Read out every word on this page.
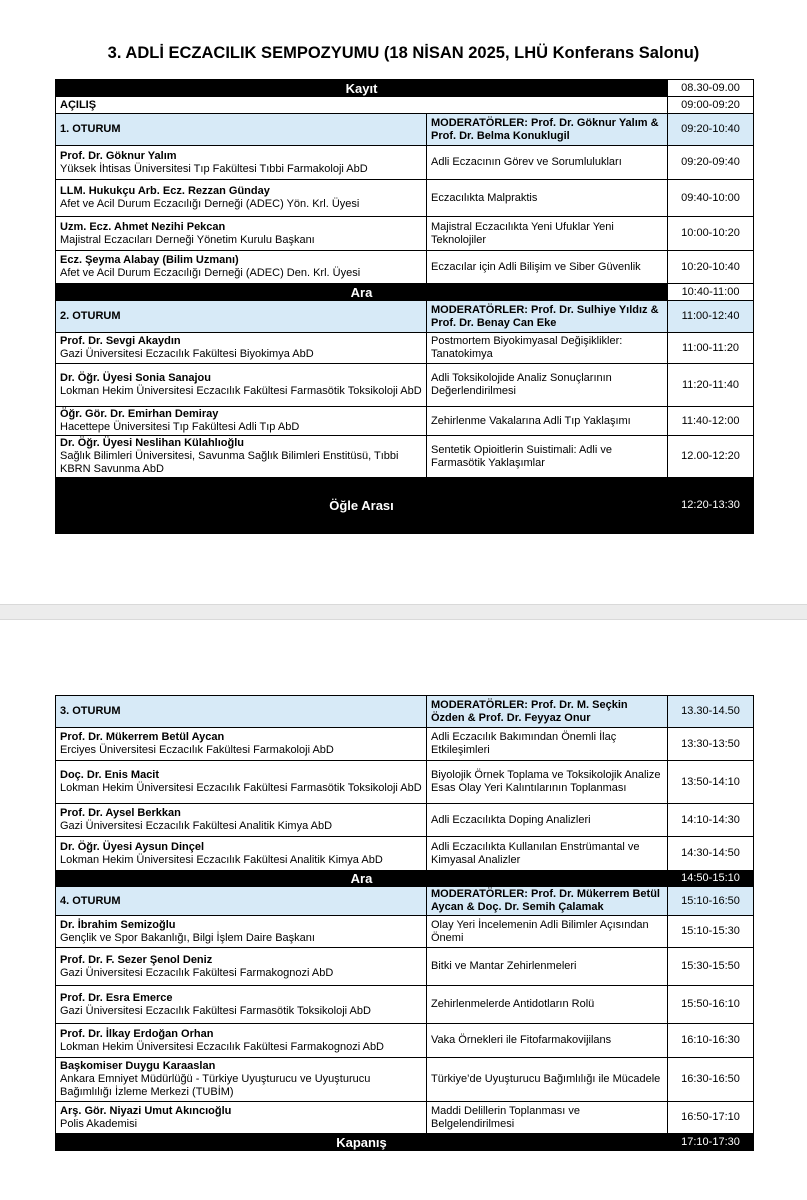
3. ADLİ ECZACILIK SEMPOZYUMU (18 NİSAN 2025, LHÜ Konferans Salonu)
Kayıt		08.30-09.00
AÇILIŞ		09:00-09:20
1. OTURUM	MODERATÖRLER: Prof. Dr. Göknur Yalım & Prof. Dr. Belma Konuklugil	09:20-10:40

Prof. Dr. Göknur Yalım
Yüksek İhtisas Üniversitesi Tıp Fakültesi Tıbbi Farmakoloji AbD	Adli Eczacının Görev ve Sorumlulukları	09:20-09:40

LLM. Hukukçu Arb. Ecz. Rezzan Günday
Afet ve Acil Durum Eczacılığı Derneği (ADEC) Yön. Krl. Üyesi	Eczacılıkta Malpraktis	09:40-10:00

Uzm. Ecz. Ahmet Nezihi Pekcan
Majistral Eczacıları Derneği Yönetim Kurulu Başkanı	Majistral Eczacılıkta Yeni Ufuklar Yeni Teknolojiler	10:00-10:20

Ecz. Şeyma Alabay (Bilim Uzmanı)
Afet ve Acil Durum Eczacılığı Derneği (ADEC) Den. Krl. Üyesi	Eczacılar için Adli Bilişim ve Siber Güvenlik	10:20-10:40
Ara		10:40-11:00
2. OTURUM	MODERATÖRLER: Prof. Dr. Sulhiye Yıldız & Prof. Dr. Benay Can Eke	11:00-12:40

Prof. Dr. Sevgi Akaydın
Gazi Üniversitesi Eczacılık Fakültesi Biyokimya AbD	Postmortem Biyokimyasal Değişiklikler: Tanatokimya	11:00-11:20

Dr. Öğr. Üyesi Sonia Sanajou
Lokman Hekim Üniversitesi Eczacılık Fakültesi Farmasötik Toksikoloji AbD	Adli Toksikolojide Analiz Sonuçlarının Değerlendirilmesi	11:20-11:40

Öğr. Gör. Dr. Emirhan Demiray
Hacettepe Üniversitesi Tıp Fakültesi Adli Tıp AbD	Zehirlenme Vakalarına Adli Tıp Yaklaşımı	11:40-12:00

Dr. Öğr. Üyesi Neslihan Külahlıoğlu
Sağlık Bilimleri Üniversitesi, Savunma Sağlık Bilimleri Enstitüsü, Tıbbi KBRN Savunma AbD	Sentetik Opioitlerin Suistimali: Adli ve Farmasötik Yaklaşımlar	12.00-12:20
Öğle Arası		12:20-13:30
3. OTURUM	MODERATÖRLER: Prof. Dr. M. Seçkin Özden & Prof. Dr. Feyyaz Onur	13.30-14.50

Prof. Dr. Mükerrem Betül Aycan
Erciyes Üniversitesi Eczacılık Fakültesi Farmakoloji AbD	Adli Eczacılık Bakımından Önemli İlaç Etkileşimleri	13:30-13:50

Doç. Dr. Enis Macit
Lokman Hekim Üniversitesi Eczacılık Fakültesi Farmasötik Toksikoloji AbD	Biyolojik Örnek Toplama ve Toksikolojik Analize Esas Olay Yeri Kalıntılarının Toplanması	13:50-14:10

Prof. Dr. Aysel Berkkan
Gazi Üniversitesi Eczacılık Fakültesi Analitik Kimya AbD	Adli Eczacılıkta Doping Analizleri	14:10-14:30

Dr. Öğr. Üyesi Aysun Dinçel
Lokman Hekim Üniversitesi Eczacılık Fakültesi Analitik Kimya AbD	Adli Eczacılıkta Kullanılan Enstrümantal ve Kimyasal Analizler	14:30-14:50
Ara		14:50-15:10
4. OTURUM	MODERATÖRLER: Prof. Dr. Mükerrem Betül Aycan & Doç. Dr. Semih Çalamak	15:10-16:50

Dr. İbrahim Semizoğlu
Gençlik ve Spor Bakanlığı, Bilgi İşlem Daire Başkanı	Olay Yeri İncelemenin Adli Bilimler Açısından Önemi	15:10-15:30

Prof. Dr. F. Sezer Şenol Deniz
Gazi Üniversitesi Eczacılık Fakültesi Farmakognozi AbD	Bitki ve Mantar Zehirlenmeleri	15:30-15:50

Prof. Dr. Esra Emerce
Gazi Üniversitesi Eczacılık Fakültesi Farmasötik Toksikoloji AbD	Zehirlenmelerde Antidotların Rolü	15:50-16:10

Prof. Dr. İlkay Erdoğan Orhan
Lokman Hekim Üniversitesi Eczacılık Fakültesi Farmakognozi AbD	Vaka Örnekleri ile Fitofarmakovijilans	16:10-16:30

Başkomiser Duygu Karaaslan
Ankara Emniyet Müdürlüğü - Türkiye Uyuşturucu ve Uyuşturucu Bağımlılığı İzleme Merkezi (TUBİM)	Türkiye’de Uyuşturucu Bağımlılığı ile Mücadele	16:30-16:50

Arş. Gör. Niyazi Umut Akıncıoğlu
Polis Akademisi	Maddi Delillerin Toplanması ve Belgelendirilmesi	16:50-17:10
Kapanış		17:10-17:30
